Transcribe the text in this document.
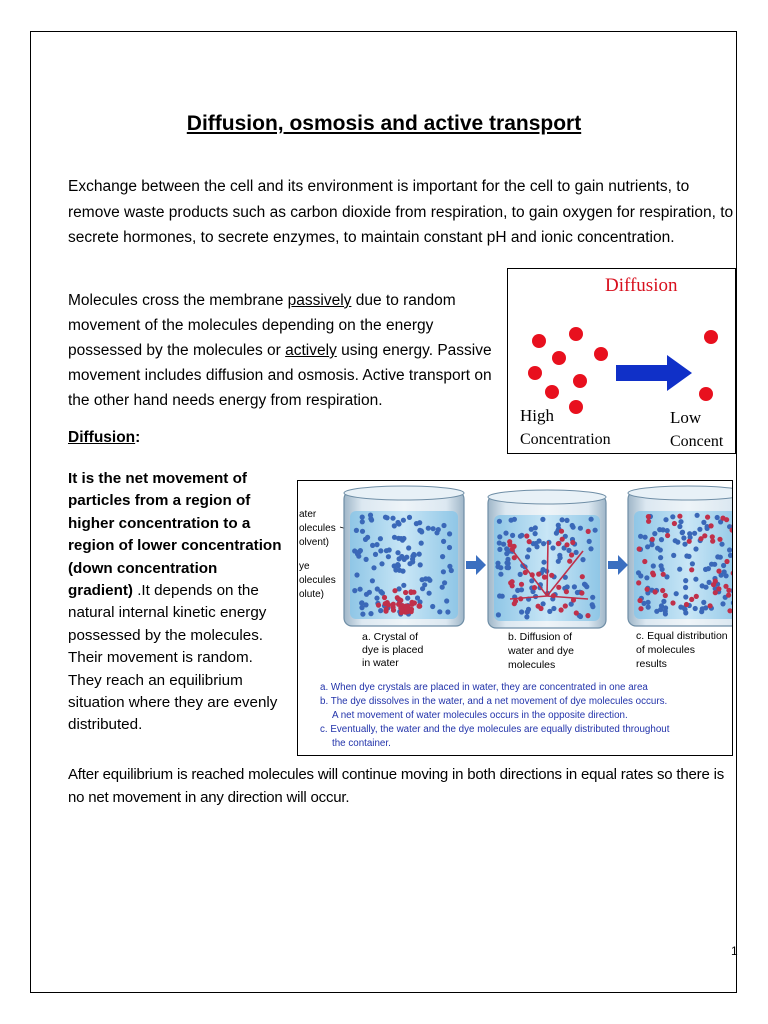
Diffusion, osmosis and active transport
Exchange between the cell and its environment is important for the cell to gain nutrients, to remove waste products such as carbon dioxide from respiration, to gain oxygen for respiration, to secrete hormones, to secrete enzymes, to maintain constant pH and ionic concentration.
Molecules cross the membrane passively due to random movement of the molecules depending on the energy possessed by the molecules or actively using energy. Passive movement includes diffusion and osmosis. Active transport on the other hand needs energy from respiration.
Diffusion:
It is the net movement of particles from a region of higher concentration to a region of lower concentration (down concentration gradient) .It depends on the natural internal kinetic energy possessed by the molecules. Their movement is random. They reach an equilibrium situation where they are evenly distributed.
After equilibrium is reached molecules will continue moving in both directions in equal rates so there is no net movement in any direction will occur.
1
Diffusion
High
Concentration
Low
Concent
ater
olecules
olvent)
ye
olecules
olute)
a. Crystal of
dye is placed
in water
b. Diffusion of
water and dye
molecules
c. Equal distribution
of molecules
results
a. When dye crystals are placed in water, they are concentrated in one area
b. The dye dissolves in the water, and a net movement of dye molecules occurs.
A net movement of water molecules occurs in the opposite direction.
c. Eventually, the water and the dye molecules are equally distributed throughout
the container.
